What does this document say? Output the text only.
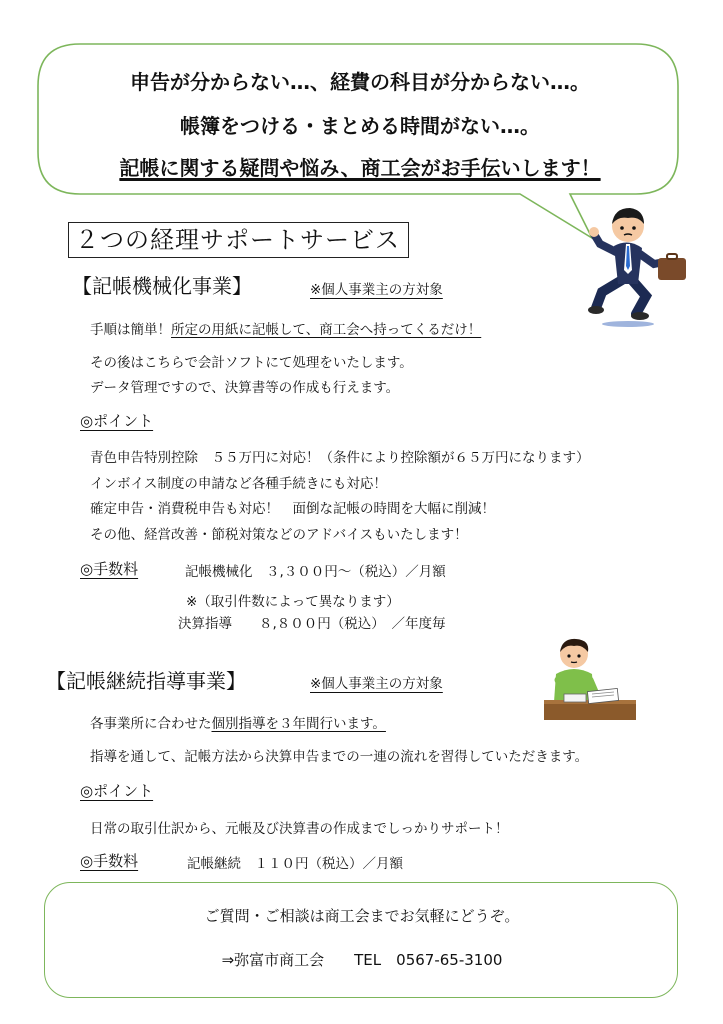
申告が分からない…、経費の科目が分からない…。
帳簿をつける・まとめる時間がない…。
記帳に関する疑問や悩み、商工会がお手伝いします！
２つの経理サポートサービス
【記帳機械化事業】	※個人事業主の方対象
手順は簡単！所定の用紙に記帳して、商工会へ持ってくるだけ！
その後はこちらで会計ソフトにて処理をいたします。
データ管理ですので、決算書等の作成も行えます。
◎ポイント
青色申告特別控除　５５万円に対応！（条件により控除額が６５万円になります）
インボイス制度の申請など各種手続きにも対応！
確定申告・消費税申告も対応！　面倒な記帳の時間を大幅に削減！
その他、経営改善・節税対策などのアドバイスもいたします！
◎手数料	記帳機械化　３,３００円～（税込）／月額
※（取引件数によって異なります）
決算指導　　８,８００円（税込）　／年度毎
【記帳継続指導事業】	※個人事業主の方対象
各事業所に合わせた個別指導を３年間行います。
指導を通して、記帳方法から決算申告までの一連の流れを習得していただきます。
◎ポイント
日常の取引仕訳から、元帳及び決算書の作成までしっかりサポート！
◎手数料	記帳継続　１１０円（税込）／月額
ご質問・ご相談は商工会までお気軽にどうぞ。
⇒弥富市商工会　　TEL　0567-65-3100
